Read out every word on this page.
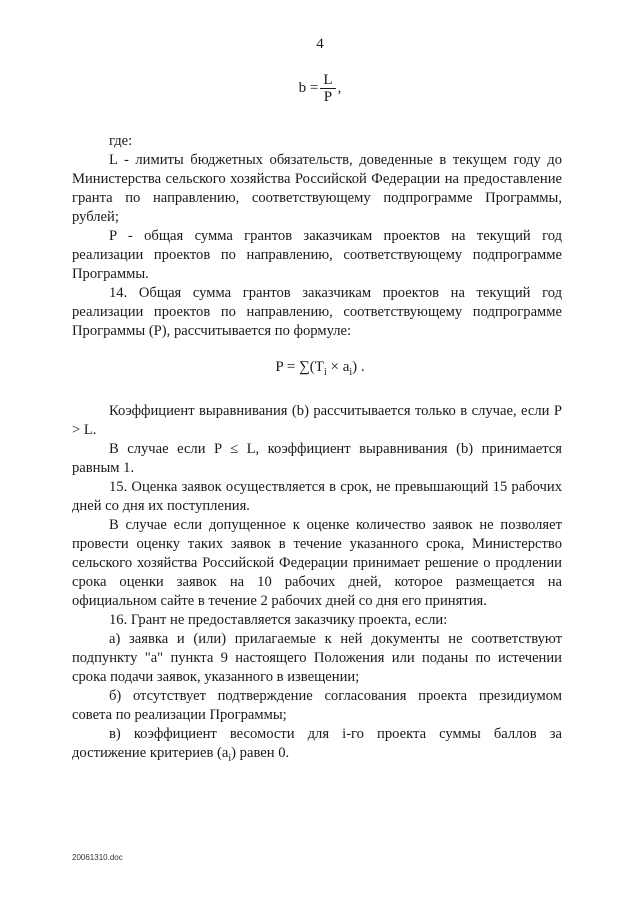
4
$b = \frac{L}{P}$ ,

где:

L - лимиты бюджетных обязательств, доведенные в текущем году до Министерства сельского хозяйства Российской Федерации на предоставление гранта по направлению, соответствующему подпрограмме Программы, рублей;

P - общая сумма грантов заказчикам проектов на текущий год реализации проектов по направлению, соответствующему подпрограмме Программы.

14. Общая сумма грантов заказчикам проектов на текущий год реализации проектов по направлению, соответствующему подпрограмме Программы (P), рассчитывается по формуле:

$P = \sum(T_i \times a_i)$ .

Коэффициент выравнивания (b) рассчитывается только в случае, если P > L.

В случае если P ≤ L, коэффициент выравнивания (b) принимается равным 1.

15. Оценка заявок осуществляется в срок, не превышающий 15 рабочих дней со дня их поступления.

В случае если допущенное к оценке количество заявок не позволяет провести оценку таких заявок в течение указанного срока, Министерство сельского хозяйства Российской Федерации принимает решение о продлении срока оценки заявок на 10 рабочих дней, которое размещается на официальном сайте в течение 2 рабочих дней со дня его принятия.

16. Грант не предоставляется заказчику проекта, если:

а) заявка и (или) прилагаемые к ней документы не соответствуют подпункту "а" пункта 9 настоящего Положения или поданы по истечении срока подачи заявок, указанного в извещении;

б) отсутствует подтверждение согласования проекта президиумом совета по реализации Программы;

в) коэффициент весомости для i-го проекта суммы баллов за достижение критериев $(a_i)$ равен 0.

20061310.doc
